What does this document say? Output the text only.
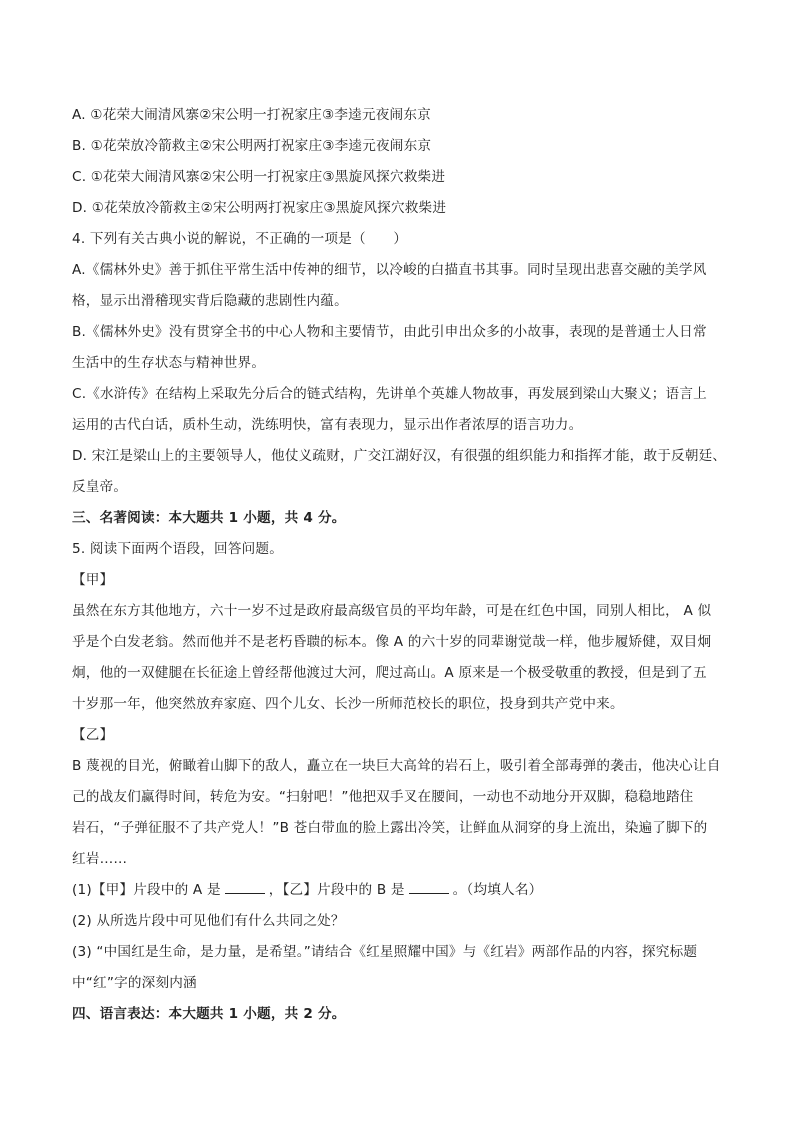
A. ①花荣大闹清风寨②宋公明一打祝家庄③李逵元夜闹东京
B. ①花荣放冷箭救主②宋公明两打祝家庄③李逵元夜闹东京
C. ①花荣大闹清风寨②宋公明一打祝家庄③黑旋风探穴救柴进
D. ①花荣放冷箭救主②宋公明两打祝家庄③黑旋风探穴救柴进
4. 下列有关古典小说的解说，不正确的一项是（　　）
A.《儒林外史》善于抓住平常生活中传神的细节，以冷峻的白描直书其事。同时呈现出悲喜交融的美学风
格，显示出滑稽现实背后隐藏的悲剧性内蕴。
B.《儒林外史》没有贯穿全书的中心人物和主要情节，由此引申出众多的小故事，表现的是普通士人日常
生活中的生存状态与精神世界。
C.《水浒传》在结构上采取先分后合的链式结构，先讲单个英雄人物故事，再发展到梁山大聚义；语言上
运用的古代白话，质朴生动，洗练明快，富有表现力，显示出作者浓厚的语言功力。
D. 宋江是梁山上的主要领导人，他仗义疏财，广交江湖好汉，有很强的组织能力和指挥才能，敢于反朝廷、
反皇帝。
三、名著阅读：本大题共 1 小题，共 4 分。
5. 阅读下面两个语段，回答问题。
【甲】
虽然在东方其他地方，六十一岁不过是政府最高级官员的平均年龄，可是在红色中国，同别人相比， A 似
乎是个白发老翁。然而他并不是老朽昏聩的标本。像 A 的六十岁的同辈谢觉哉一样，他步履矫健，双目炯
炯，他的一双健腿在长征途上曾经帮他渡过大河，爬过高山。A 原来是一个极受敬重的教授，但是到了五
十岁那一年，他突然放弃家庭、四个儿女、长沙一所师范校长的职位，投身到共产党中来。
【乙】
B 蔑视的目光，俯瞰着山脚下的敌人，矗立在一块巨大高耸的岩石上，吸引着全部毒弹的袭击，他决心让自
己的战友们赢得时间，转危为安。“扫射吧！”他把双手叉在腰间，一动也不动地分开双脚，稳稳地踏住
岩石，“子弹征服不了共产党人！”B 苍白带血的脸上露出冷笑，让鲜血从洞穿的身上流出，染遍了脚下的
红岩……
(1)【甲】片段中的 A 是	，【乙】片段中的 B 是	。（均填人名）
(2) 从所选片段中可见他们有什么共同之处？
(3) “中国红是生命，是力量，是希望。”请结合《红星照耀中国》与《红岩》两部作品的内容，探究标题
中“红”字的深刻内涵
四、语言表达：本大题共 1 小题，共 2 分。
